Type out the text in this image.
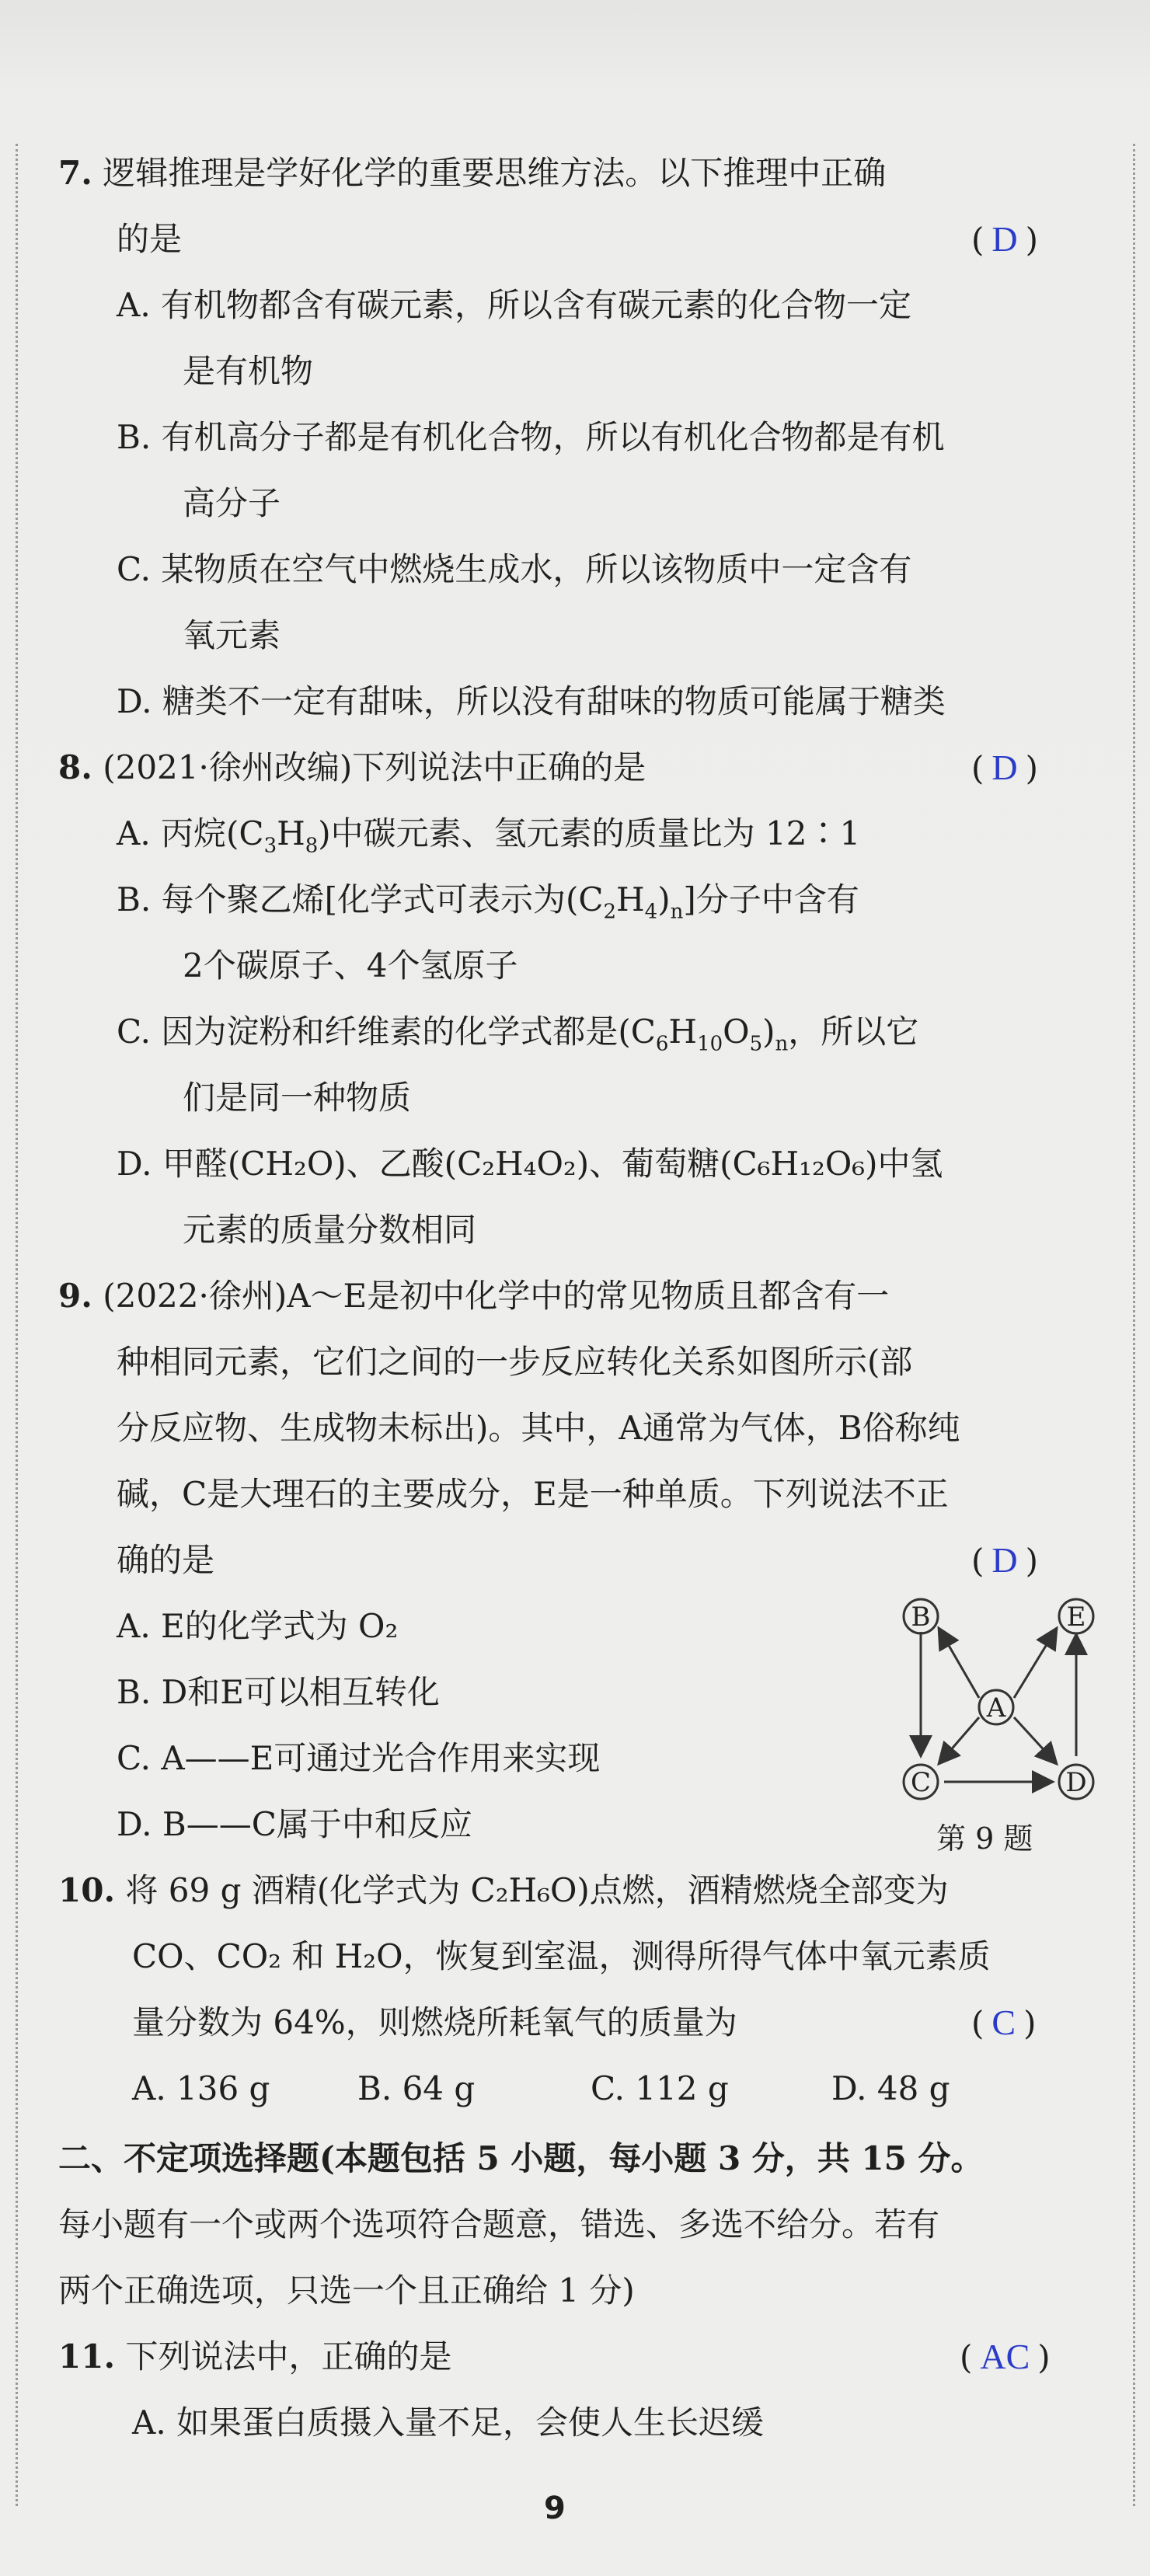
7. 逻辑推理是学好化学的重要思维方法。以下推理中正确
的是	( D )
A. 有机物都含有碳元素，所以含有碳元素的化合物一定
是有机物
B. 有机高分子都是有机化合物，所以有机化合物都是有机
高分子
C. 某物质在空气中燃烧生成水，所以该物质中一定含有
氧元素
D. 糖类不一定有甜味，所以没有甜味的物质可能属于糖类
8. (2021·徐州改编)下列说法中正确的是	( D )
A. 丙烷$(C_3H_8)$中碳元素、氢元素的质量比为 12∶1
B. 每个聚乙烯[化学式可表示为$(C_2H_4)_n$]分子中含有
2个碳原子、4个氢原子
C. 因为淀粉和纤维素的化学式都是$(C_6H_{10}O_5)_n$，所以它
们是同一种物质
D. 甲醛(CH₂O)、乙酸(C₂H₄O₂)、葡萄糖(C₆H₁₂O₆)中氢
元素的质量分数相同
9. (2022·徐州)A～E是初中化学中的常见物质且都含有一
种相同元素，它们之间的一步反应转化关系如图所示(部
分反应物、生成物未标出)。其中，A通常为气体，B俗称纯
碱，C是大理石的主要成分，E是一种单质。下列说法不正
确的是	( D )
A. E的化学式为 O₂
B. D和E可以相互转化
C. A——E可通过光合作用来实现
D. B——C属于中和反应
B	E
A
C	D
第 9 题
10. 将 69 g 酒精(化学式为 C₂H₆O)点燃，酒精燃烧全部变为
CO、CO₂ 和 H₂O，恢复到室温，测得所得气体中氧元素质
量分数为 64%，则燃烧所耗氧气的质量为	( C )
A. 136 g	B. 64 g	C. 112 g	D. 48 g
二、不定项选择题(本题包括 5 小题，每小题 3 分，共 15 分。
每小题有一个或两个选项符合题意，错选、多选不给分。若有
两个正确选项，只选一个且正确给 1 分)
11. 下列说法中，正确的是	( AC )
A. 如果蛋白质摄入量不足，会使人生长迟缓
9
